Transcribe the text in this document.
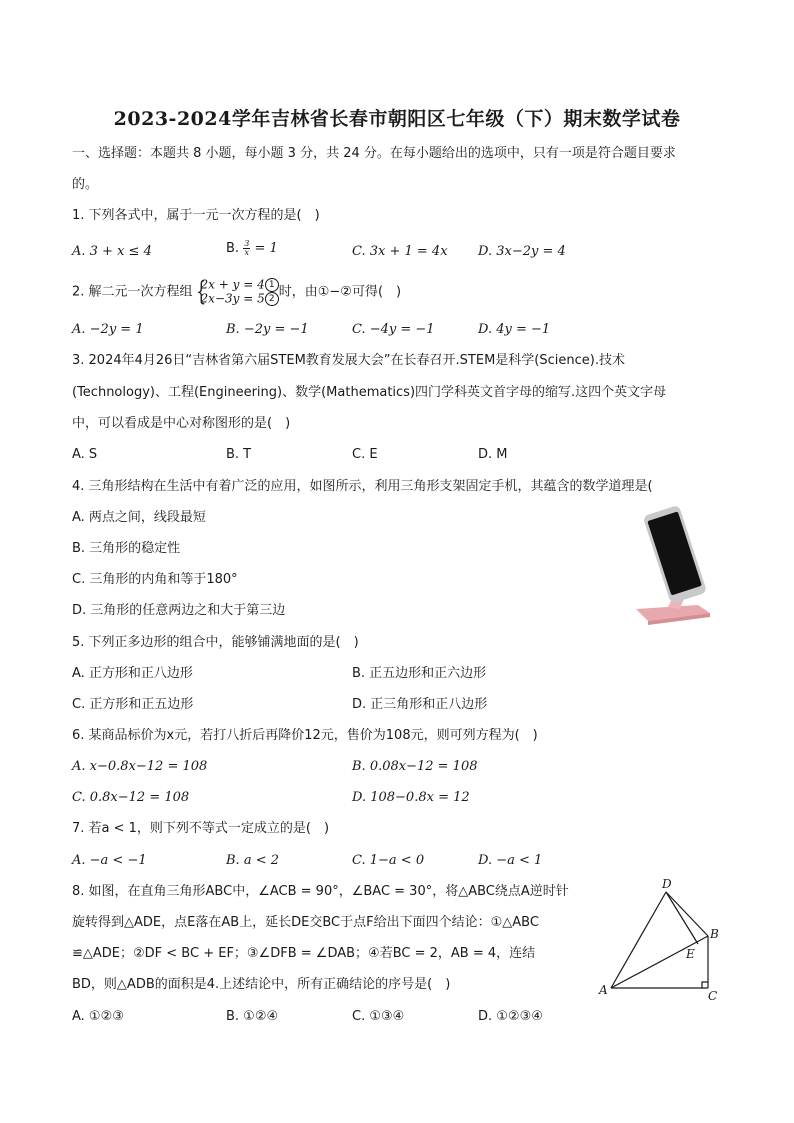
2023-2024学年吉林省长春市朝阳区七年级（下）期末数学试卷
一、选择题：本题共 8 小题，每小题 3 分，共 24 分。在每小题给出的选项中，只有一项是符合题目要求
的。
1. 下列各式中，属于一元一次方程的是(　)
A. 3 + x ≤ 4	B. $\frac{3}{x} = 1$	C. 3x + 1 = 4x D. 3x−2y = 4
2. 解二元一次方程组 {
2x + y = 4 1
2x−3y = 5 2 时，由①−②可得(　)
A. −2y = 1	B. −2y = −1	C. −4y = −1	D. 4y = −1
3. 2024年4月26日“吉林省第六届STEM教育发展大会”在长春召开.STEM是科学(Science).技术
(Technology)、工程(Engineering)、数学(Mathematics)四门学科英文首字母的缩写.这四个英文字母
中，可以看成是中心对称图形的是(　)
A. S	B. T	C. E	D. M
4. 三角形结构在生活中有着广泛的应用，如图所示，利用三角形支架固定手机，其蕴含的数学道理是(
A. 两点之间，线段最短
B. 三角形的稳定性
C. 三角形的内角和等于180°
D. 三角形的任意两边之和大于第三边
5. 下列正多边形的组合中，能够铺满地面的是(　)
A. 正方形和正八边形	B. 正五边形和正六边形
C. 正方形和正五边形	D. 正三角形和正八边形
6. 某商品标价为x元，若打八折后再降价12元，售价为108元，则可列方程为(　)
A. x−0.8x−12 = 108	B. 0.08x−12 = 108
C. 0.8x−12 = 108	D. 108−0.8x = 12
7. 若a < 1，则下列不等式一定成立的是(　)
A. −a < −1	B. a < 2	C. 1−a < 0	D. −a < 1
8. 如图，在直角三角形ABC中，∠ACB = 90°，∠BAC = 30°，将△ABC绕点A逆时针
旋转得到△ADE，点E落在AB上，延长DE交BC于点F给出下面四个结论：①△ABC
≌△ADE；②DF < BC + EF；③∠DFB = ∠DAB；④若BC = 2，AB = 4，连结
BD，则△ADB的面积是4.上述结论中，所有正确结论的序号是(　)
A. ①②③	B. ①②④	C. ①③④	D. ①②③④
D
B
E
A	C
